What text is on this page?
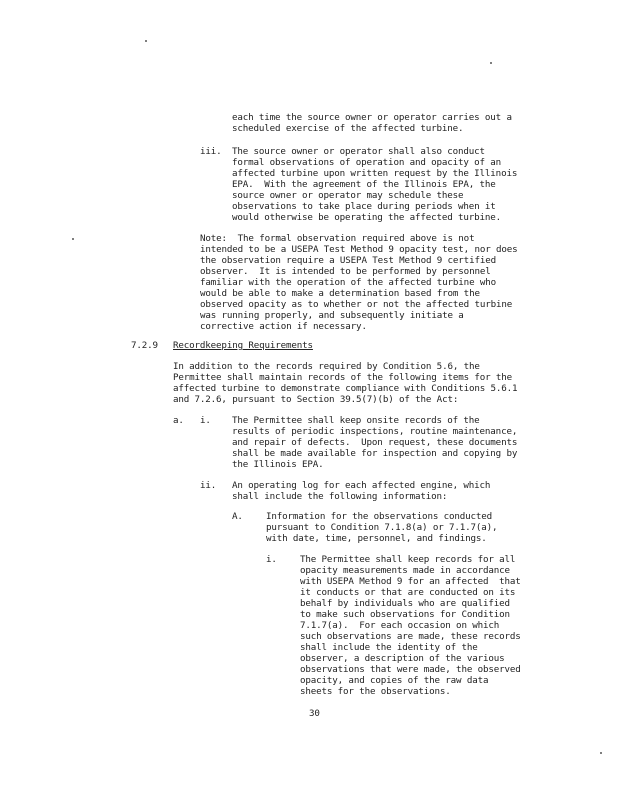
each time the source owner or operator carries out a
scheduled exercise of the affected turbine.
iii. The source owner or operator shall also conduct
formal observations of operation and opacity of an
affected turbine upon written request by the Illinois
EPA.  With the agreement of the Illinois EPA, the
source owner or operator may schedule these
observations to take place during periods when it
would otherwise be operating the affected turbine.
Note:  The formal observation required above is not
intended to be a USEPA Test Method 9 opacity test, nor does
the observation require a USEPA Test Method 9 certified
observer.  It is intended to be performed by personnel
familiar with the operation of the affected turbine who
would be able to make a determination based from the
observed opacity as to whether or not the affected turbine
was running properly, and subsequently initiate a
corrective action if necessary.
7.2.9 Recordkeeping Requirements
In addition to the records required by Condition 5.6, the
Permittee shall maintain records of the following items for the
affected turbine to demonstrate compliance with Conditions 5.6.1
and 7.2.6, pursuant to Section 39.5(7)(b) of the Act:
a. i. The Permittee shall keep onsite records of the
results of periodic inspections, routine maintenance,
and repair of defects.  Upon request, these documents
shall be made available for inspection and copying by
the Illinois EPA.
ii. An operating log for each affected engine, which
shall include the following information:
A.	Information for the observations conducted
pursuant to Condition 7.1.8(a) or 7.1.7(a),
with date, time, personnel, and findings.
i.	The Permittee shall keep records for all
opacity measurements made in accordance
with USEPA Method 9 for an affected  that
it conducts or that are conducted on its
behalf by individuals who are qualified
to make such observations for Condition
7.1.7(a).  For each occasion on which
such observations are made, these records
shall include the identity of the
observer, a description of the various
observations that were made, the observed
opacity, and copies of the raw data
sheets for the observations.
30
